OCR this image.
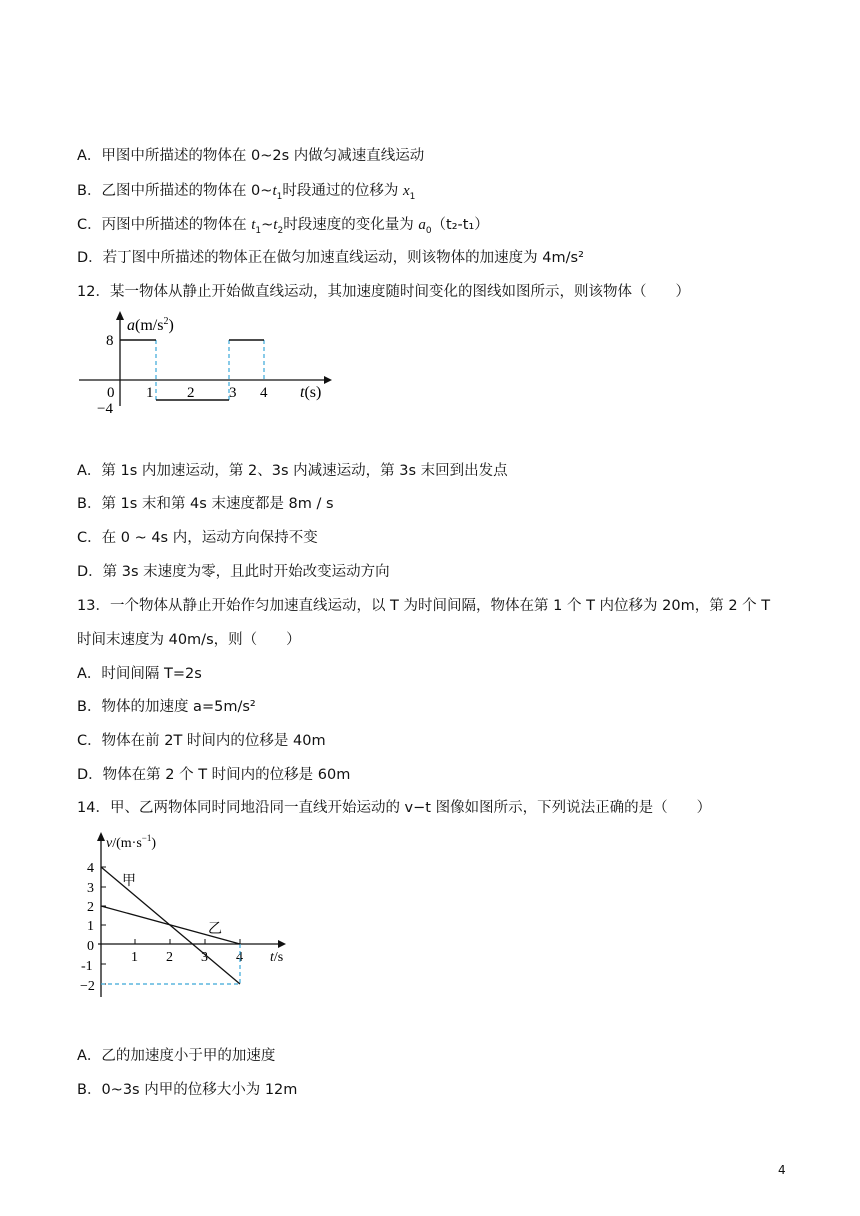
A．甲图中所描述的物体在 0~2s 内做匀减速直线运动
B．乙图中所描述的物体在 $0\sim t_1$时段通过的位移为 $x_1$
C．丙图中所描述的物体在 $t_1\sim t_2$时段速度的变化量为 $a_0(t_2-t_1)$
D．若丁图中所描述的物体正在做匀加速直线运动，则该物体的加速度为 4m/s²
12．某一物体从静止开始做直线运动，其加速度随时间变化的图线如图所示，则该物体（　　）
8
−4
0 1 2 3 4
$a(m/s^2)$
t(s)
A．第 1s 内加速运动，第 2、3s 内减速运动，第 3s 末回到出发点
B．第 1s 末和第 4s 末速度都是 8m / s
C．在 0 ~ 4s 内，运动方向保持不变
D．第 3s 末速度为零，且此时开始改变运动方向
13．一个物体从静止开始作匀加速直线运动，以 T 为时间间隔，物体在第 1 个 T 内位移为 20m，第 2 个 T
时间末速度为 40m/s，则（　　）
A．时间间隔 T=2s
B．物体的加速度 a=5m/s²
C．物体在前 2T 时间内的位移是 40m
D．物体在第 2 个 T 时间内的位移是 60m
14．甲、乙两物体同时同地沿同一直线开始运动的 v−t 图像如图所示，下列说法正确的是（　　）
4
3
2
1
0
-1
−2
1 2 3 4
$v/(m\cdot s^{-1})$
t/s
甲
乙
A．乙的加速度小于甲的加速度
B．0~3s 内甲的位移大小为 12m
4
